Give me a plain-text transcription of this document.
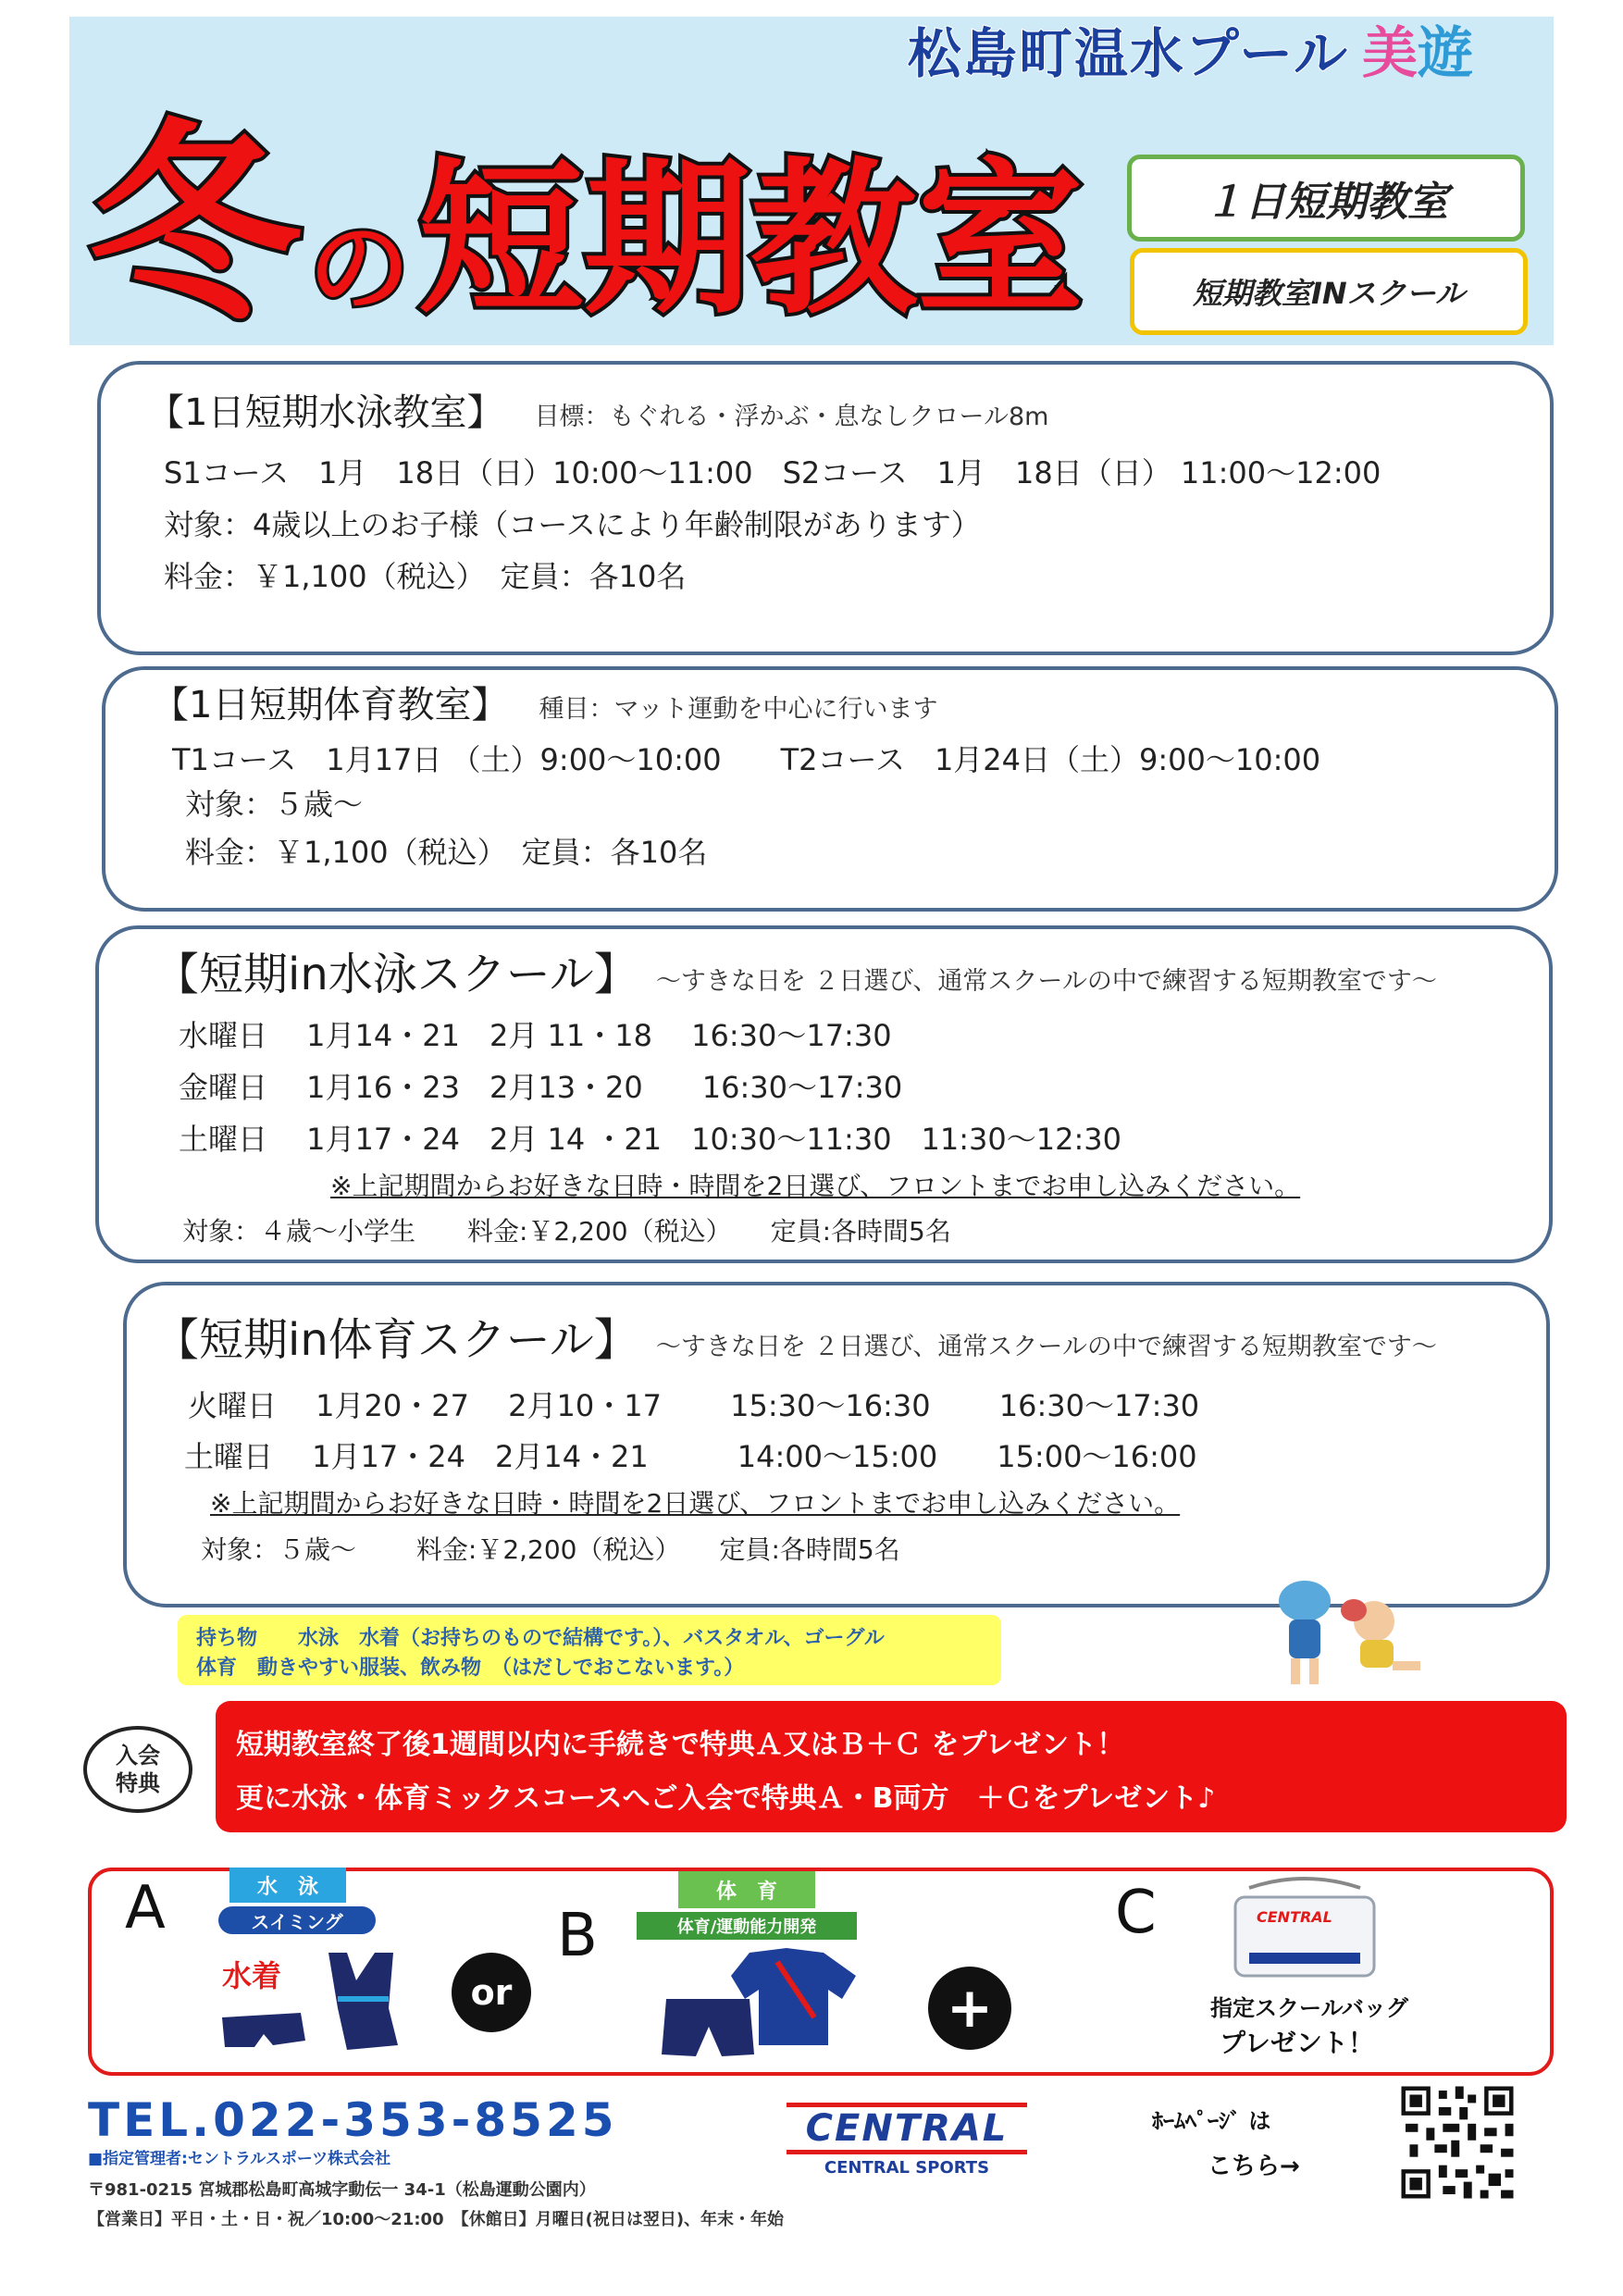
松島町温水プール 美遊
冬 の 短期教室	１日短期教室
短期教室INスクール
【1日短期水泳教室】 目標：もぐれる・浮かぶ・息なしクロール8m
S1コース　1月　18日（日）10:00～11:00　S2コース　1月　18日（日） 11:00～12:00
対象：4歳以上のお子様（コースにより年齢制限があります）
料金：￥1,100（税込）　定員：各10名
【1日短期体育教室】 種目：マット運動を中心に行います
T1コース　1月17日 （土）9:00～10:00　　T2コース　1月24日（土）9:00～10:00
対象：５歳～
料金：￥1,100（税込）　定員：各10名
【短期in水泳スクール】 ～すきな日を ２日選び、通常スクールの中で練習する短期教室です～
水曜日　 1月14・21　2月 11・18　 16:30～17:30
金曜日　 1月16・23　2月13・20　　16:30～17:30
土曜日　 1月17・24　2月 14 ・21　10:30～11:30　11:30～12:30
※上記期間からお好きな日時・時間を2日選び、フロントまでお申し込みください。
対象：４歳～小学生　　料金:￥2,200（税込）　　定員:各時間5名
【短期in体育スクール】 ～すきな日を ２日選び、通常スクールの中で練習する短期教室です～
火曜日　 1月20・27　 2月10・17　　 15:30～16:30　　 16:30～17:30
土曜日　 1月17・24　2月14・21　　　14:00～15:00　　15:00～16:00
※上記期間からお好きな日時・時間を2日選び、フロントまでお申し込みください。
対象：５歳～　　 料金:￥2,200（税込）　　定員:各時間5名
持ち物　　水泳　水着（お持ちのもので結構です。）、バスタオル、ゴーグル
体育　動きやすい服装、飲み物　（はだしでおこないます。）
入会
特典
短期教室終了後1週間以内に手続きで特典Ａ又はＢ＋Ｃ をプレゼント！
更に水泳・体育ミックスコースへご入会で特典Ａ・B両方　＋Ｃをプレゼント♪
A	水　泳
スイミング
水着	or
B
体　育
体育/運動能力開発
+
C	CENTRAL
指定スクールバッグ
プレゼント！
TEL.022-353-8525
■指定管理者:セントラルスポーツ株式会社
〒981-0215 宮城郡松島町高城字動伝一 34-1（松島運動公園内）
【営業日】平日・土・日・祝／10:00～21:00　【休館日】月曜日(祝日は翌日)、年末・年始
CENTRAL
CENTRAL SPORTS
ﾎｰﾑﾍﾟｰｼﾞ は
こちら→
